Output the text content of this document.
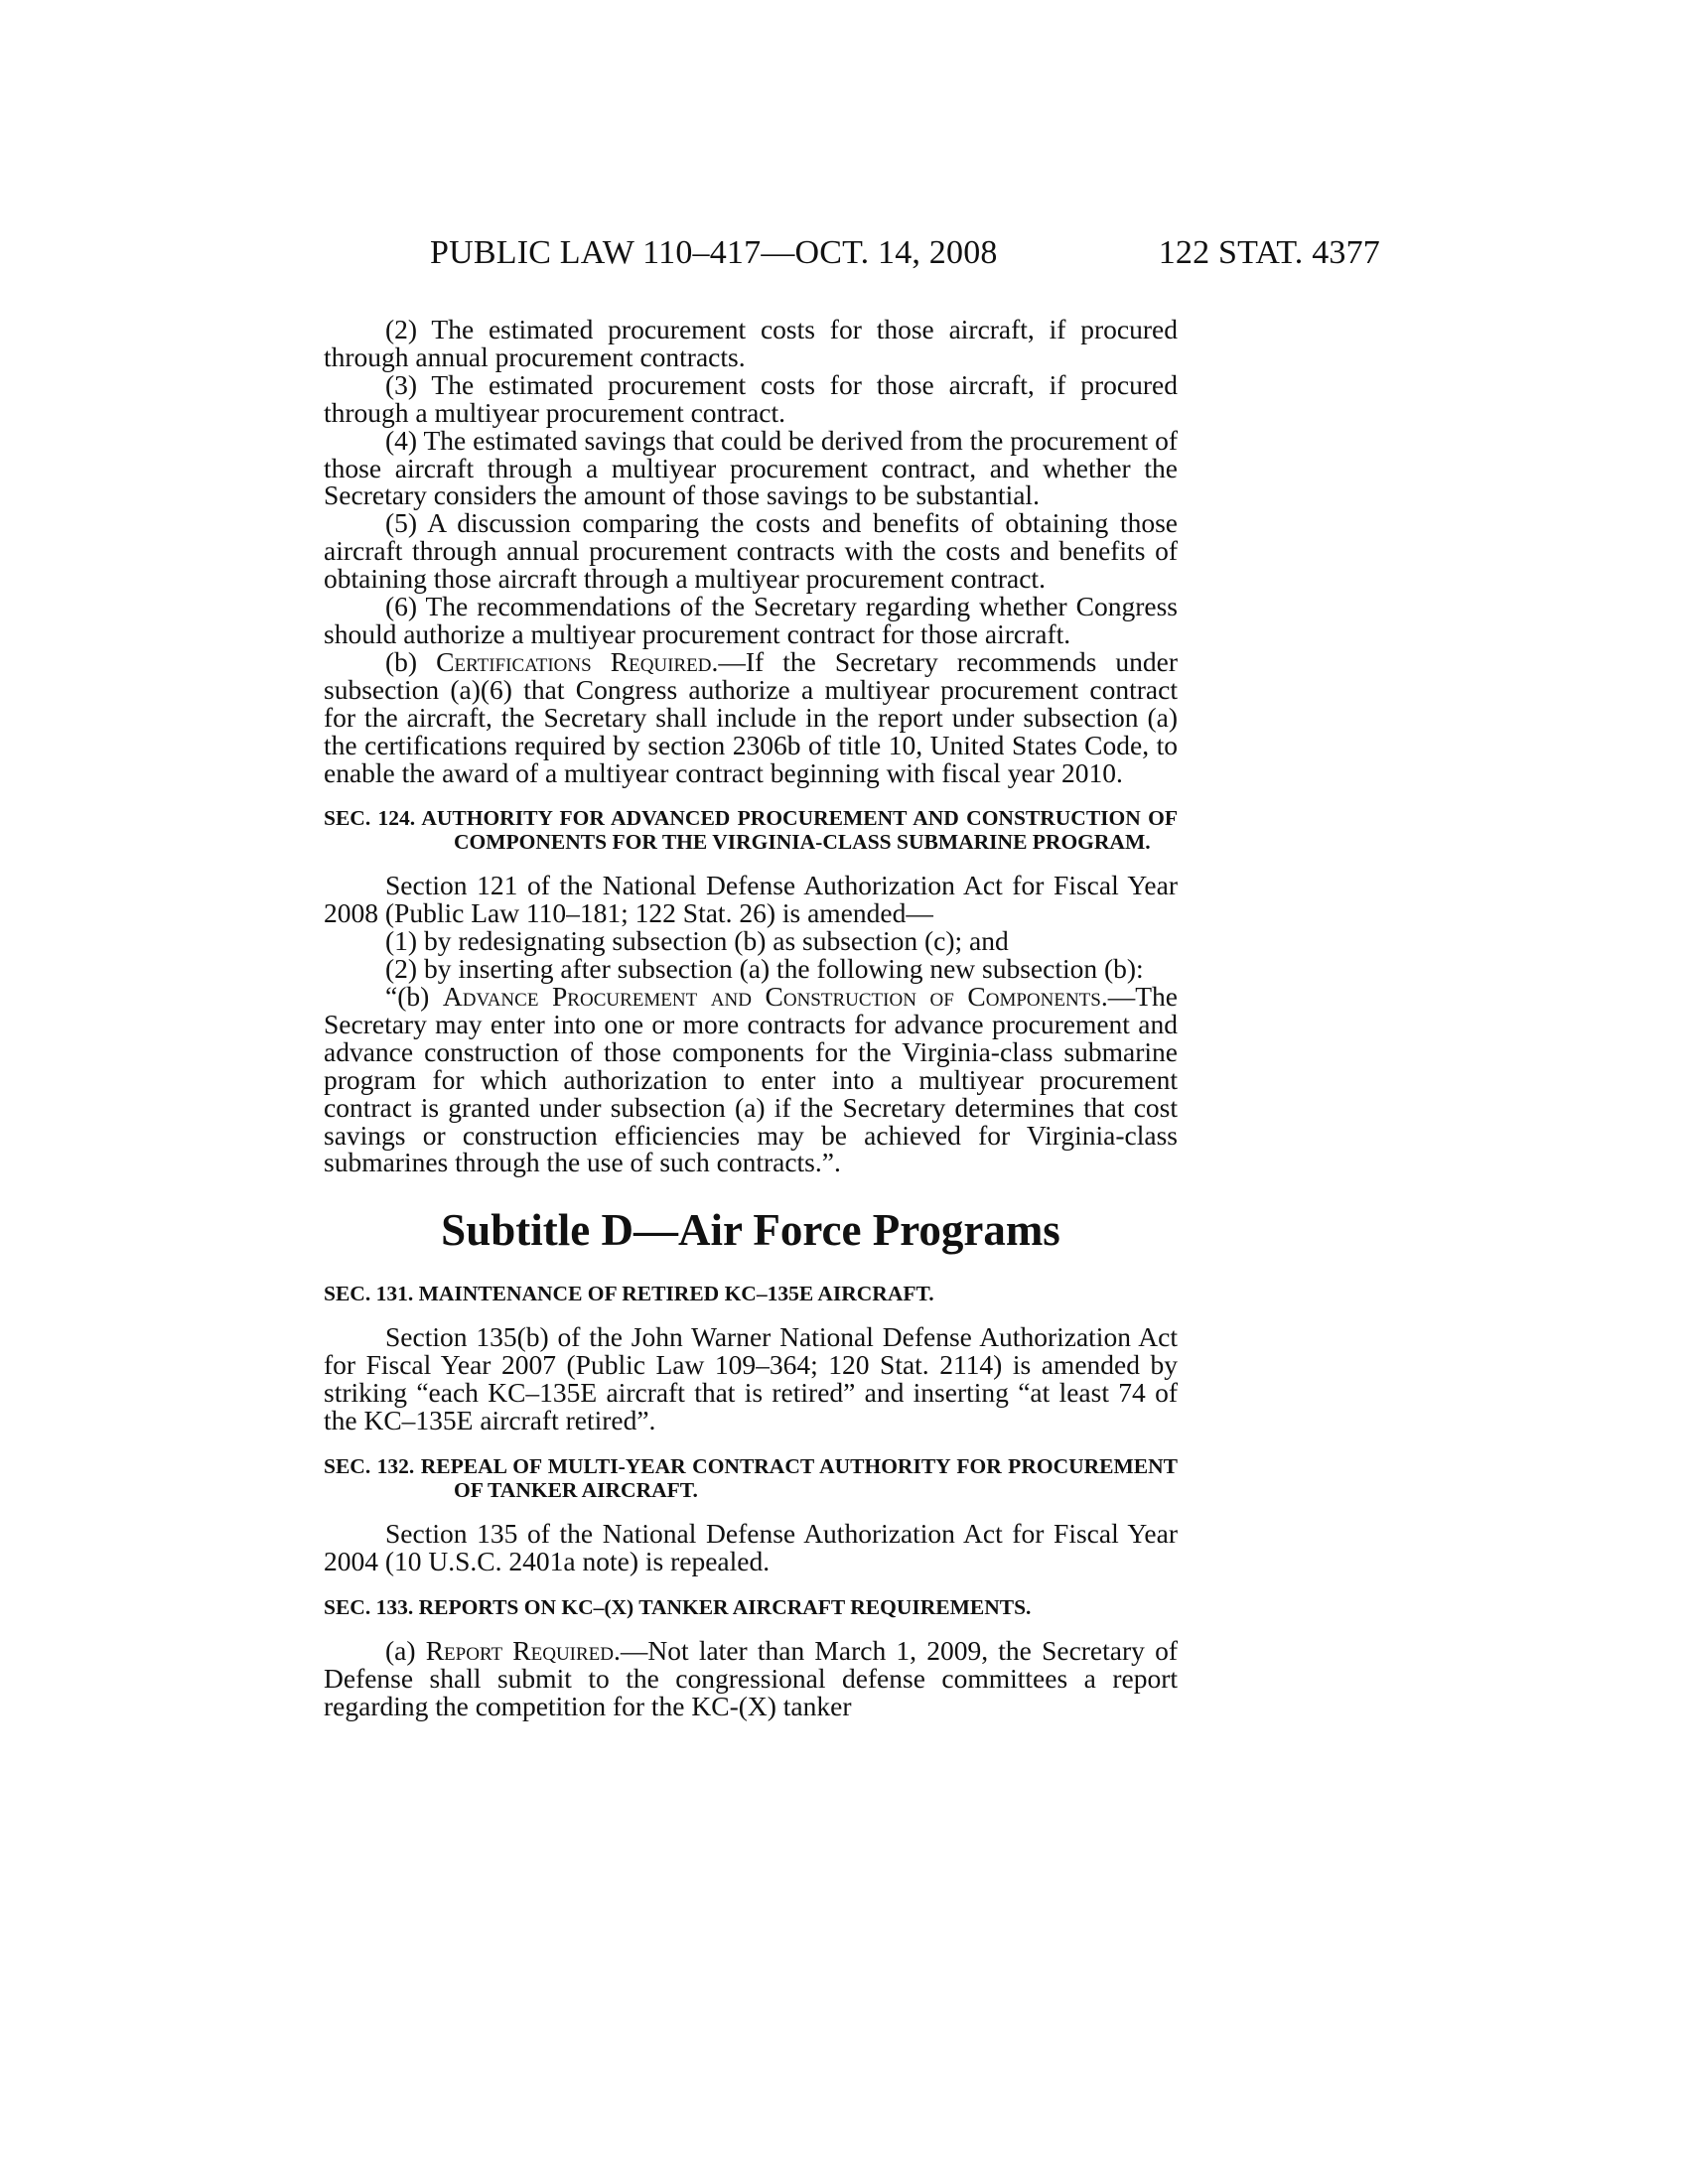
PUBLIC LAW 110–417—OCT. 14, 2008	122 STAT. 4377

(2) The estimated procurement costs for those aircraft, if procured through annual procurement contracts.

(3) The estimated procurement costs for those aircraft, if procured through a multiyear procurement contract.

(4) The estimated savings that could be derived from the procurement of those aircraft through a multiyear procurement contract, and whether the Secretary considers the amount of those savings to be substantial.

(5) A discussion comparing the costs and benefits of obtaining those aircraft through annual procurement contracts with the costs and benefits of obtaining those aircraft through a multiyear procurement contract.

(6) The recommendations of the Secretary regarding whether Congress should authorize a multiyear procurement contract for those aircraft.

(b) Certifications Required.—If the Secretary recommends under subsection (a)(6) that Congress authorize a multiyear procurement contract for the aircraft, the Secretary shall include in the report under subsection (a) the certifications required by section 2306b of title 10, United States Code, to enable the award of a multiyear contract beginning with fiscal year 2010.

SEC. 124. AUTHORITY FOR ADVANCED PROCUREMENT AND CONSTRUCTION OF COMPONENTS FOR THE VIRGINIA-CLASS SUBMARINE PROGRAM.

Section 121 of the National Defense Authorization Act for Fiscal Year 2008 (Public Law 110–181; 122 Stat. 26) is amended—

(1) by redesignating subsection (b) as subsection (c); and

(2) by inserting after subsection (a) the following new subsection (b):

“(b) Advance Procurement and Construction of Components.—The Secretary may enter into one or more contracts for advance procurement and advance construction of those components for the Virginia-class submarine program for which authorization to enter into a multiyear procurement contract is granted under subsection (a) if the Secretary determines that cost savings or construction efficiencies may be achieved for Virginia-class submarines through the use of such contracts.”.

Subtitle D—Air Force Programs
SEC. 131. MAINTENANCE OF RETIRED KC–135E AIRCRAFT.

Section 135(b) of the John Warner National Defense Authorization Act for Fiscal Year 2007 (Public Law 109–364; 120 Stat. 2114) is amended by striking “each KC–135E aircraft that is retired” and inserting “at least 74 of the KC–135E aircraft retired”.

SEC. 132. REPEAL OF MULTI-YEAR CONTRACT AUTHORITY FOR PROCUREMENT OF TANKER AIRCRAFT.

Section 135 of the National Defense Authorization Act for Fiscal Year 2004 (10 U.S.C. 2401a note) is repealed.

SEC. 133. REPORTS ON KC–(X) TANKER AIRCRAFT REQUIREMENTS.

(a) Report Required.—Not later than March 1, 2009, the Secretary of Defense shall submit to the congressional defense committees a report regarding the competition for the KC-(X) tanker
